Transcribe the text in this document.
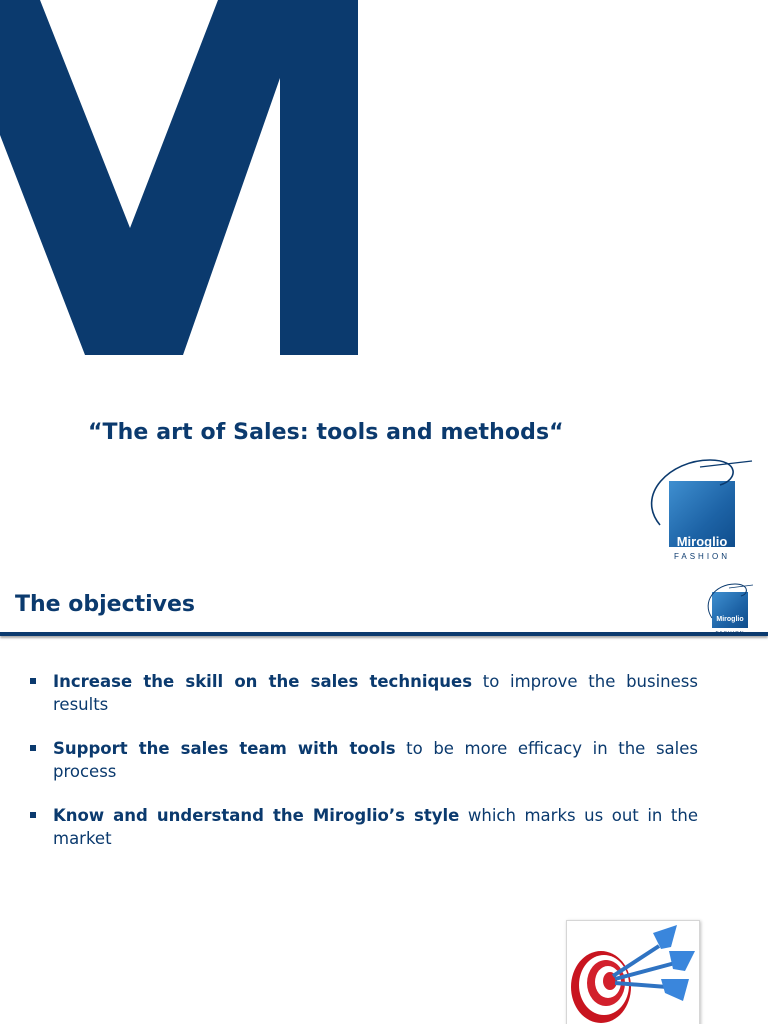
“The art of Sales: tools and methods“
Miroglio
FASHION
The objectives
Miroglio
Increase the skill on the sales techniques to improve the business results
Support the sales team with tools to be more efficacy in the sales process
Know and understand the Miroglio’s style which marks us out in the market
